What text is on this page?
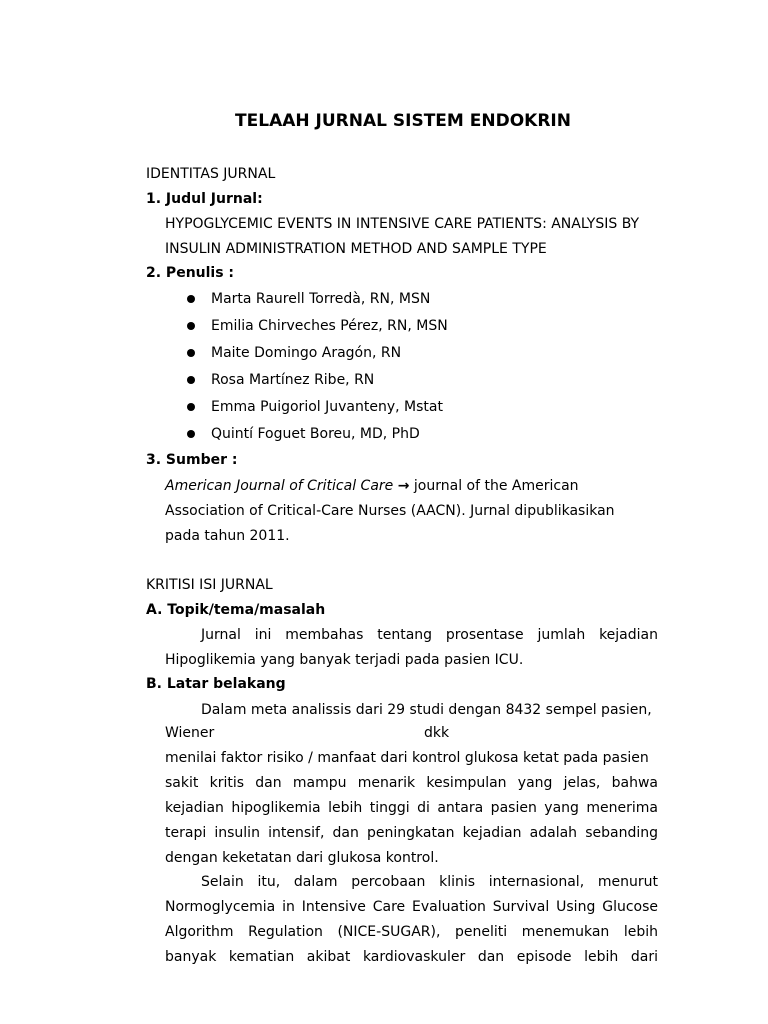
TELAAH JURNAL SISTEM ENDOKRIN
IDENTITAS JURNAL
1. Judul Jurnal:
HYPOGLYCEMIC EVENTS IN INTENSIVE CARE PATIENTS: ANALYSIS BY
INSULIN ADMINISTRATION METHOD AND SAMPLE TYPE
2. Penulis :
Marta Raurell Torredà, RN, MSN
Emilia Chirveches Pérez, RN, MSN
Maite Domingo Aragón, RN
Rosa Martínez Ribe, RN
Emma Puigoriol Juvanteny, Mstat
Quintí Foguet Boreu, MD, PhD
3. Sumber :
American Journal of Critical Care → journal of the American
Association of Critical-Care Nurses (AACN). Jurnal dipublikasikan
pada tahun 2011.
KRITISI ISI JURNAL
A. Topik/tema/masalah
Jurnal ini membahas tentang prosentase jumlah kejadian
Hipoglikemia yang banyak terjadi pada pasien ICU.
B. Latar belakang
Dalam meta analissis dari 29 studi dengan 8432 sempel pasien,
Wiener	dkk
menilai faktor risiko / manfaat dari kontrol glukosa ketat pada pasien
sakit kritis dan mampu menarik kesimpulan yang jelas, bahwa
kejadian hipoglikemia lebih tinggi di antara pasien yang menerima
terapi insulin intensif, dan peningkatan kejadian adalah sebanding
dengan keketatan dari glukosa kontrol.
Selain itu, dalam percobaan klinis internasional, menurut
Normoglycemia in Intensive Care Evaluation Survival Using Glucose
Algorithm Regulation (NICE-SUGAR), peneliti menemukan lebih
banyak kematian akibat kardiovaskuler dan episode lebih dari
